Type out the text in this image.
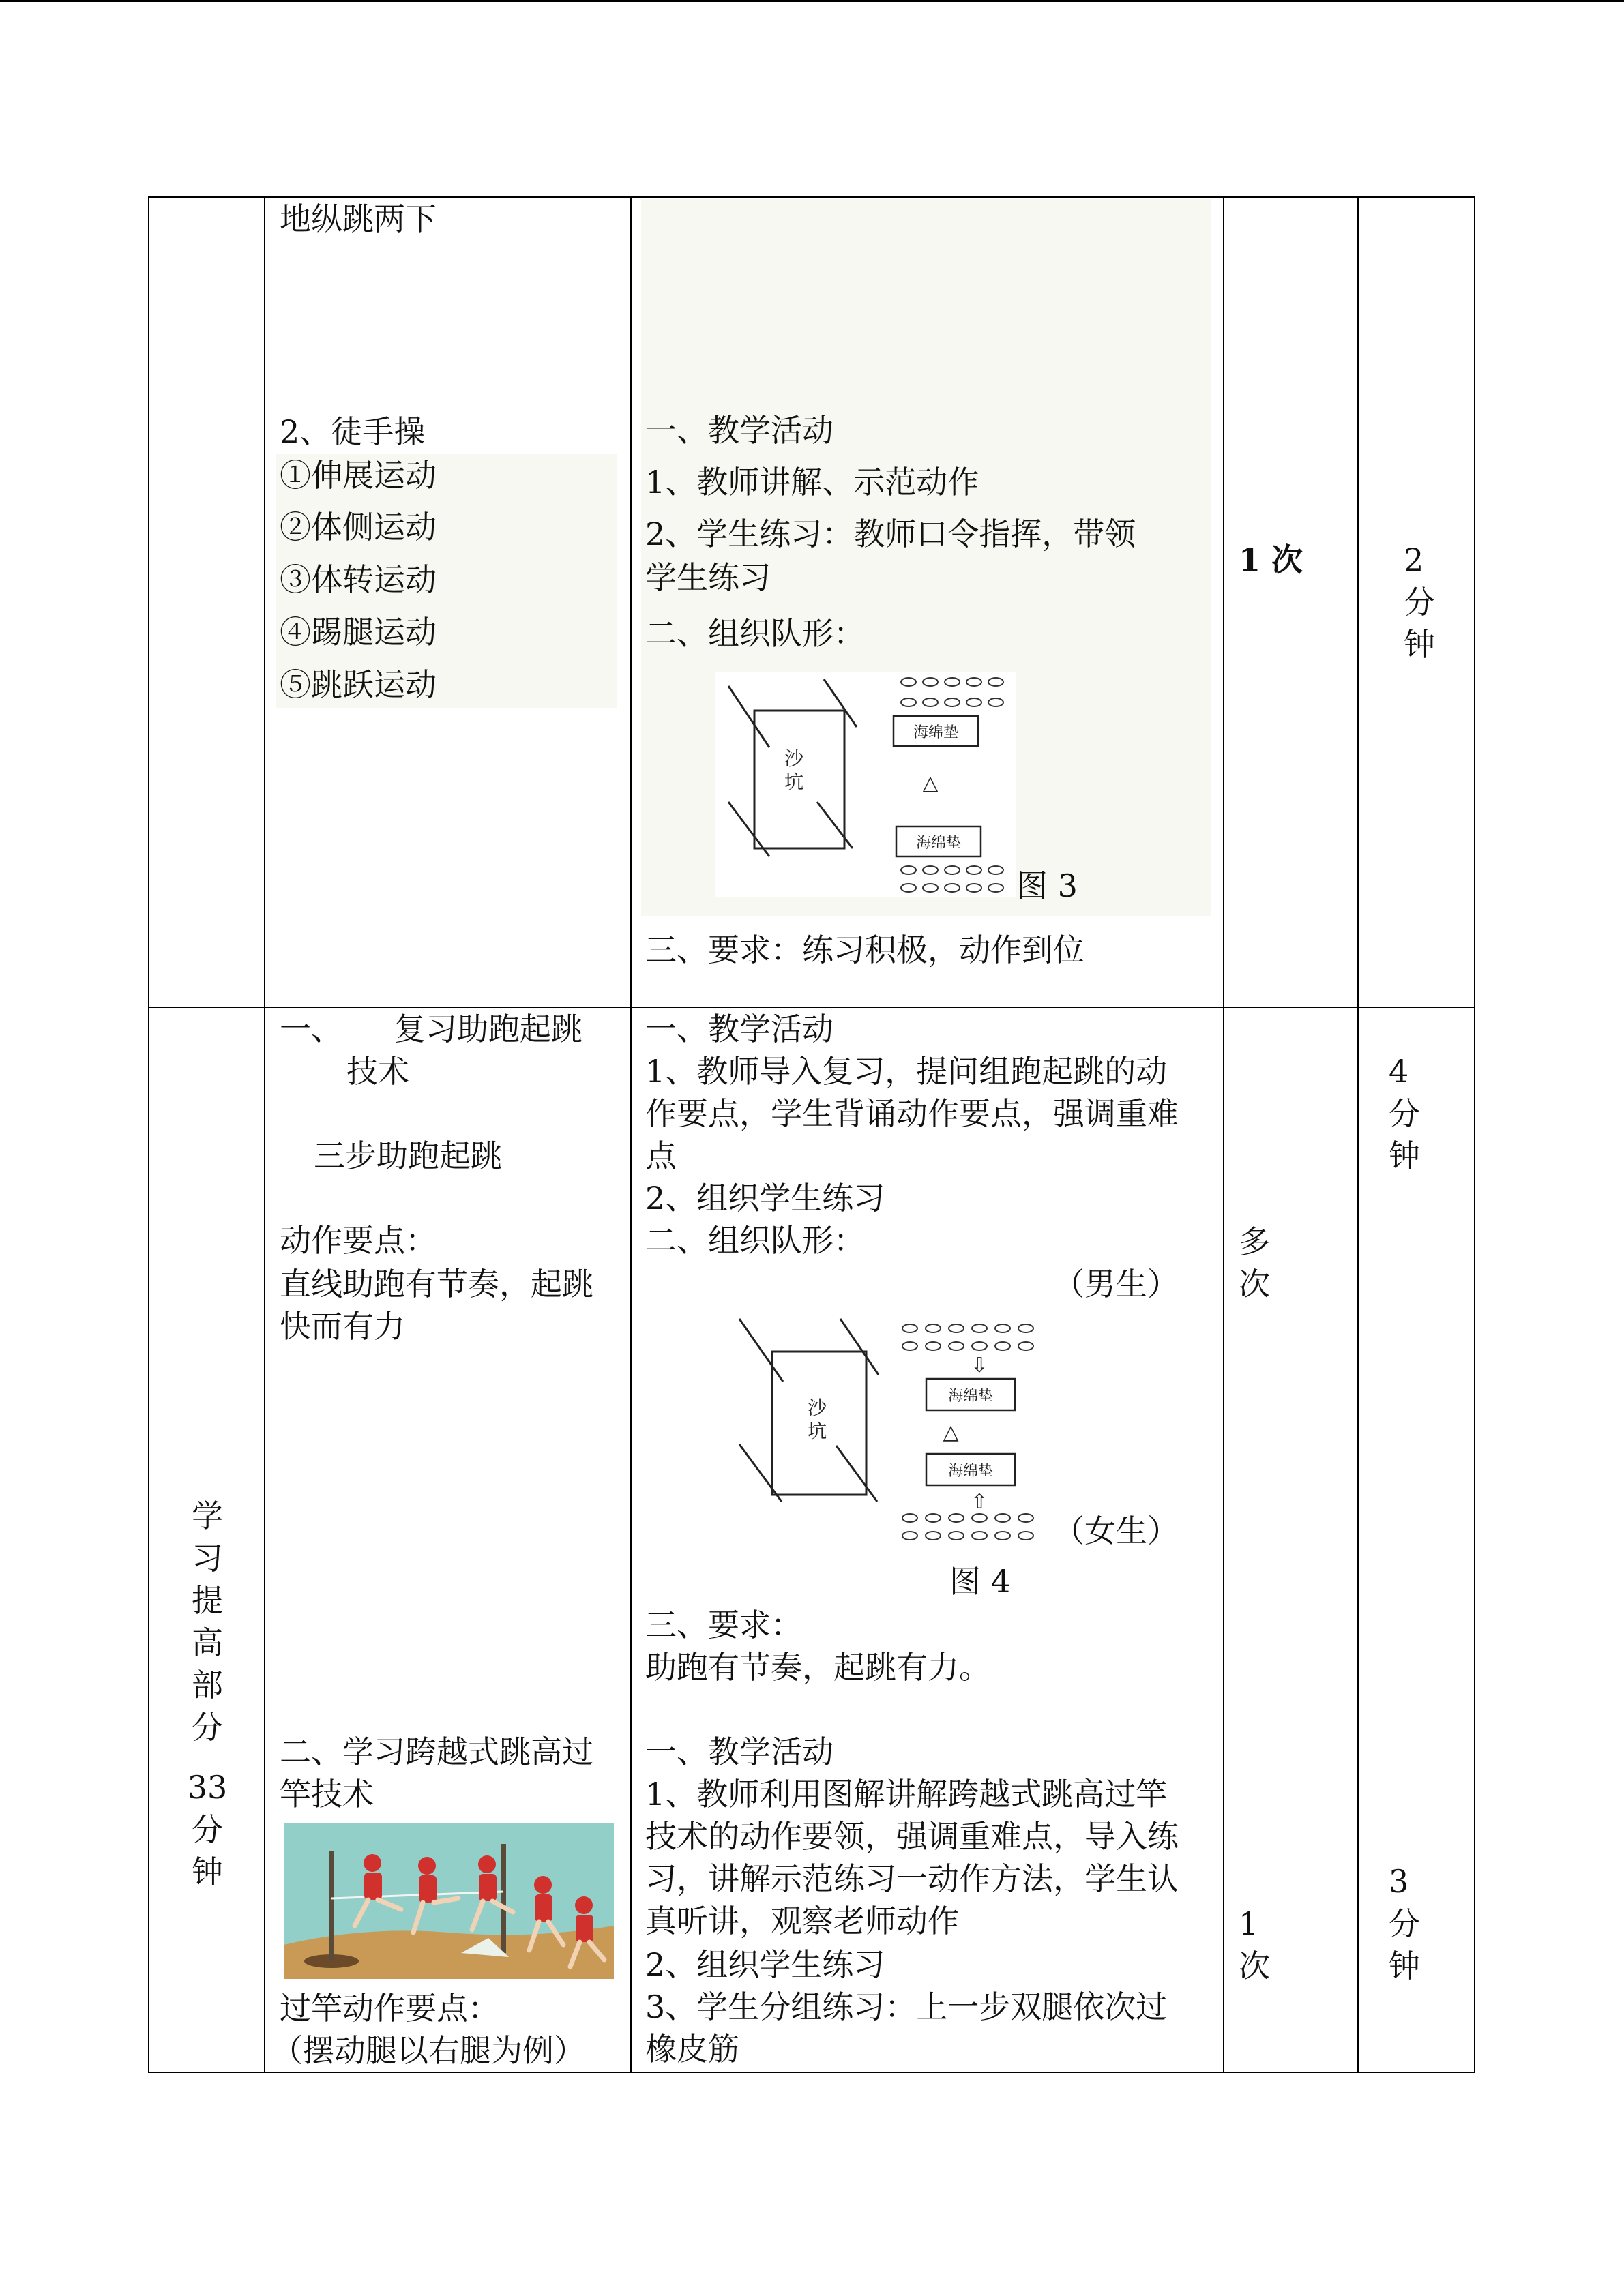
地纵跳两下
2、徒手操
①伸展运动
②体侧运动
③体转运动
④踢腿运动
⑤跳跃运动
一、教学活动
1、教师讲解、示范动作
2、学生练习：教师口令指挥，带领
学生练习
二、组织队形：
沙
坑
海绵垫
△
海绵垫
图 3
三、要求：练习积极，动作到位
1 次	2
分
钟
学
习
提
高
部
分
33
分
钟
一、 复习助跑起跳
技术
三步助跑起跳
动作要点：
直线助跑有节奏，起跳
快而有力
二、学习跨越式跳高过
竿技术
过竿动作要点：
（摆动腿以右腿为例）
一、教学活动
1、教师导入复习，提问组跑起跳的动
作要点，学生背诵动作要点，强调重难
点
2、组织学生练习
二、组织队形：
（男生）
沙
坑
⇩
海绵垫
△
海绵垫
⇧
（女生）
图 4
三、要求：
助跑有节奏，起跳有力。
一、教学活动
1、教师利用图解讲解跨越式跳高过竿
技术的动作要领，强调重难点，导入练
习，讲解示范练习一动作方法，学生认
真听讲，观察老师动作
2、组织学生练习
3、学生分组练习：上一步双腿依次过
橡皮筋
多
次
4
分
钟
1
次
3
分
钟
